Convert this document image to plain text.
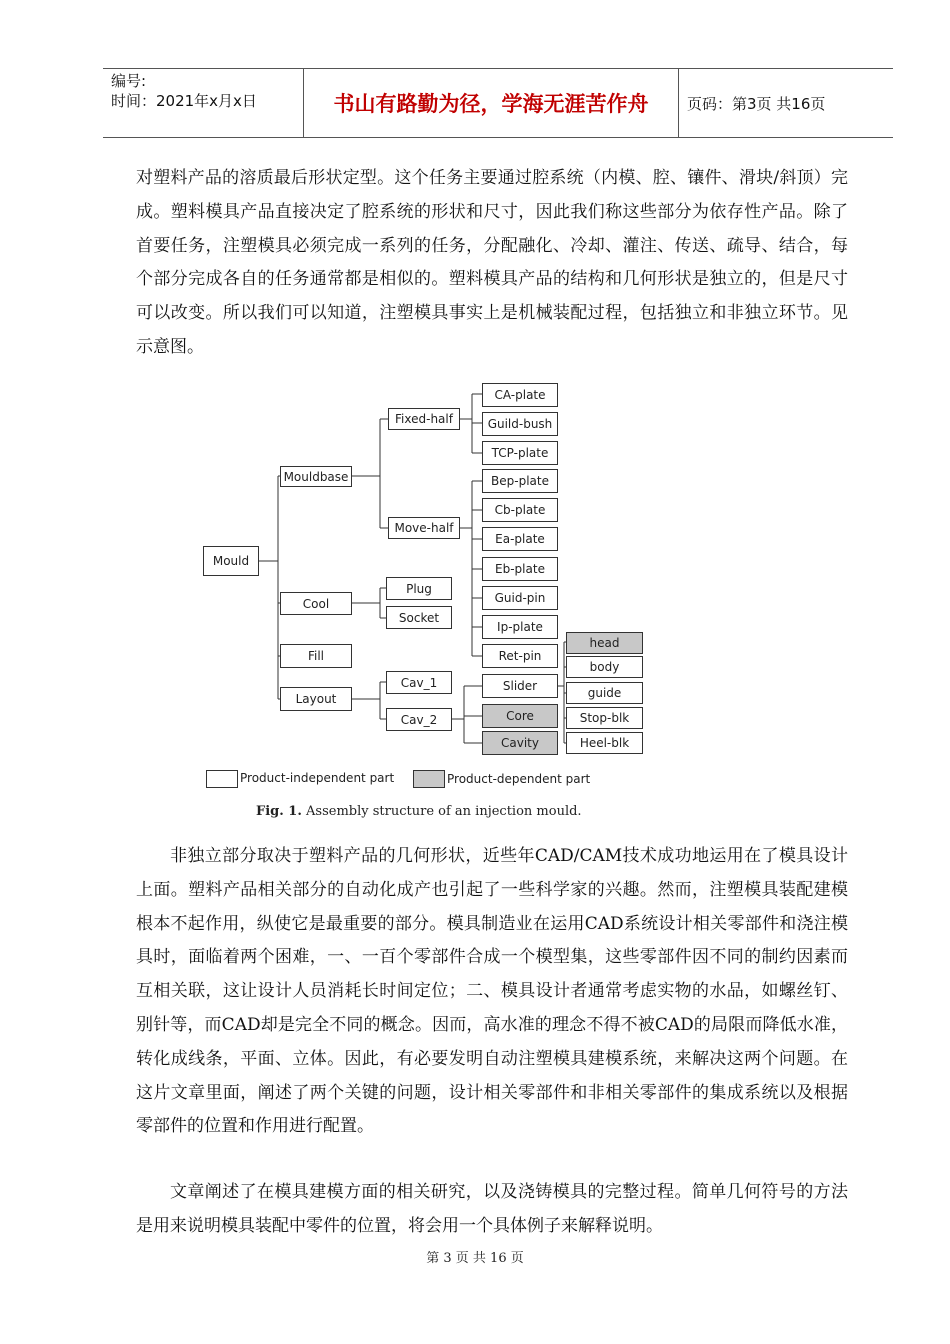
编号:
时间：2021年x月x日	书山有路勤为径，学海无涯苦作舟	页码：第3页 共16页

对塑料产品的溶质最后形状定型。这个任务主要通过腔系统（内模、腔、镶件、滑块/斜顶）完成。塑料模具产品直接决定了腔系统的形状和尺寸，因此我们称这些部分为依存性产品。除了首要任务，注塑模具必须完成一系列的任务，分配融化、冷却、灌注、传送、疏导、结合，每个部分完成各自的任务通常都是相似的。塑料模具产品的结构和几何形状是独立的，但是尺寸可以改变。所以我们可以知道，注塑模具事实上是机械装配过程，包括独立和非独立环节。见示意图。

Mould
Mouldbase
Cool
Fill
Layout
Fixed-half
Move-half
Plug
Socket
Cav_1
Cav_2
CA-plate
Guild-bush
TCP-plate
Bep-plate
Cb-plate
Ea-plate
Eb-plate
Guid-pin
Ip-plate
Ret-pin
Slider
Core
Cavity
head
body
guide
Stop-blk
Heel-blk
Product-independent part	Product-dependent part
Fig. 1. Assembly structure of an injection mould.

非独立部分取决于塑料产品的几何形状，近些年CAD/CAM技术成功地运用在了模具设计上面。塑料产品相关部分的自动化成产也引起了一些科学家的兴趣。然而，注塑模具装配建模根本不起作用，纵使它是最重要的部分。模具制造业在运用CAD系统设计相关零部件和浇注模具时，面临着两个困难，一、一百个零部件合成一个模型集，这些零部件因不同的制约因素而互相关联，这让设计人员消耗长时间定位；二、模具设计者通常考虑实物的水品，如螺丝钉、别针等，而CAD却是完全不同的概念。因而，高水准的理念不得不被CAD的局限而降低水准，转化成线条，平面、立体。因此，有必要发明自动注塑模具建模系统，来解决这两个问题。在这片文章里面，阐述了两个关键的问题，设计相关零部件和非相关零部件的集成系统以及根据零部件的位置和作用进行配置。

文章阐述了在模具建模方面的相关研究，以及浇铸模具的完整过程。简单几何符号的方法是用来说明模具装配中零件的位置，将会用一个具体例子来解释说明。

第 3 页 共 16 页
